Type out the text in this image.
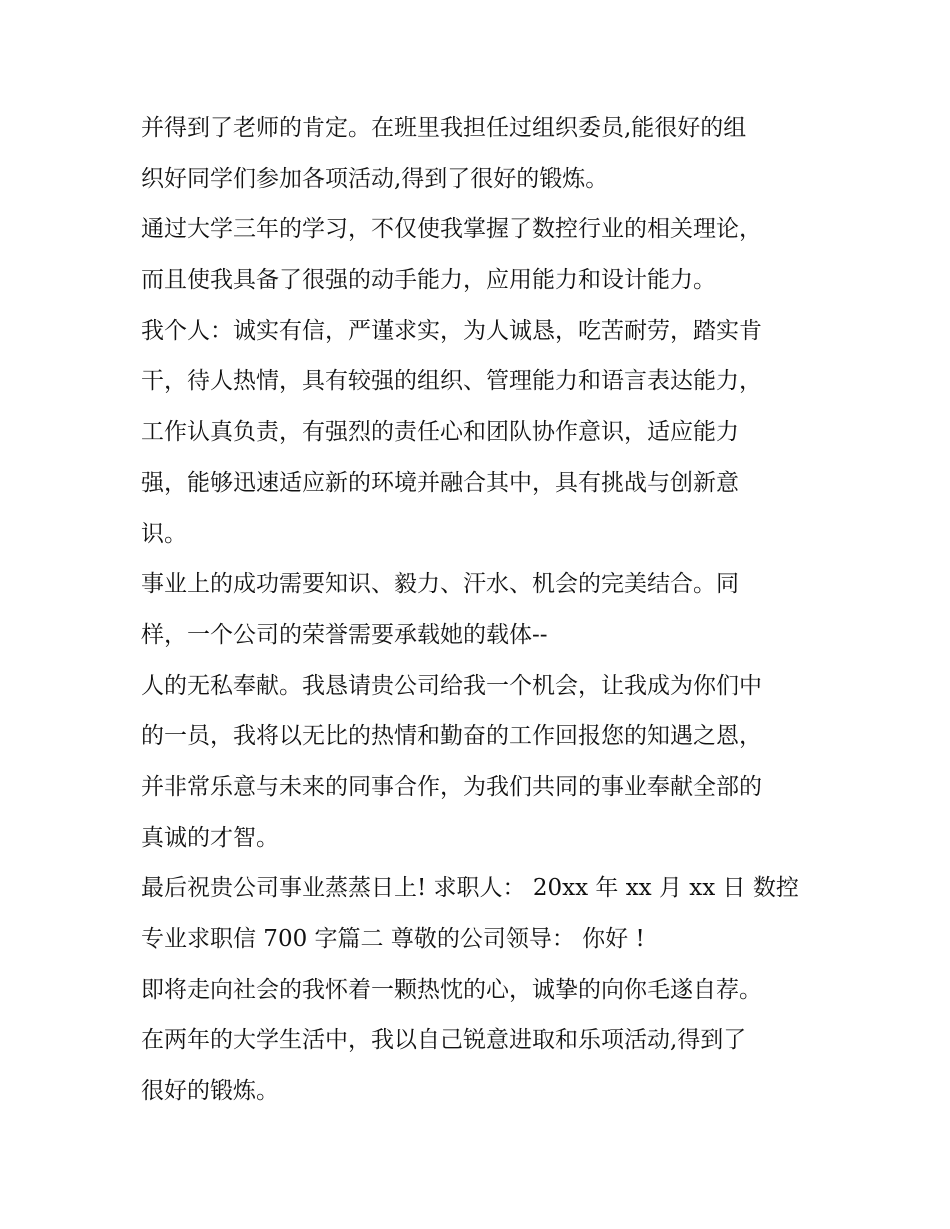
并得到了老师的肯定。在班里我担任过组织委员,能很好的组
织好同学们参加各项活动,得到了很好的锻炼。
通过大学三年的学习，不仅使我掌握了数控行业的相关理论，
而且使我具备了很强的动手能力，应用能力和设计能力。
我个人：诚实有信，严谨求实，为人诚恳，吃苦耐劳，踏实肯
干，待人热情，具有较强的组织、管理能力和语言表达能力，
工作认真负责，有强烈的责任心和团队协作意识，适应能力
强，能够迅速适应新的环境并融合其中，具有挑战与创新意
识。
事业上的成功需要知识、毅力、汗水、机会的完美结合。同
样，一个公司的荣誉需要承载她的载体--
人的无私奉献。我恳请贵公司给我一个机会，让我成为你们中
的一员，我将以无比的热情和勤奋的工作回报您的知遇之恩，
并非常乐意与未来的同事合作，为我们共同的事业奉献全部的
真诚的才智。
最后祝贵公司事业蒸蒸日上! 求职人： 20xx 年 xx 月 xx 日 数控
专业求职信 700 字篇二 尊敬的公司领导： 你好 !
即将走向社会的我怀着一颗热忱的心，诚挚的向你毛遂自荐。
在两年的大学生活中，我以自己锐意进取和乐项活动,得到了
很好的锻炼。
